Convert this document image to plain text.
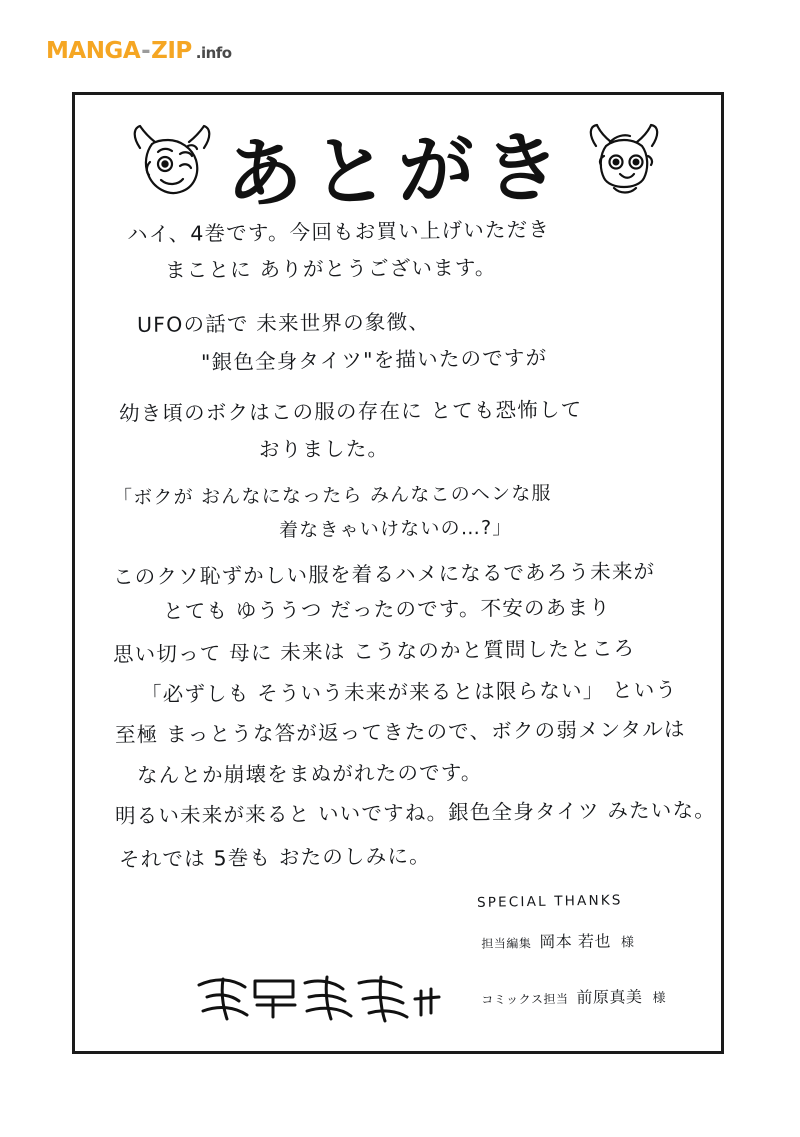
MANGA - ZIP .info
あとがき
ハイ、4巻です。今回もお買い上げいただき
まことに ありがとうございます。
UFOの話で 未来世界の象徴、
"銀色全身タイツ"を描いたのですが
幼き頃のボクはこの服の存在に とても恐怖して
おりました。
「ボクが おんなになったら みんなこのヘンな服
着なきゃいけないの…?」
このクソ恥ずかしい服を着るハメになるであろう未来が
とても ゆううつ だったのです。不安のあまり
思い切って 母に 未来は こうなのかと質問したところ
「必ずしも そういう未来が来るとは限らない」 という
至極 まっとうな答が返ってきたので、ボクの弱メンタルは
なんとか崩壊をまぬがれたのです。
明るい未来が来ると いいですね。銀色全身タイツ みたいな。
それでは 5巻も おたのしみに。
SPECIAL THANKS

担当編集 岡本 若也 様

コミックス担当 前原真美 様
